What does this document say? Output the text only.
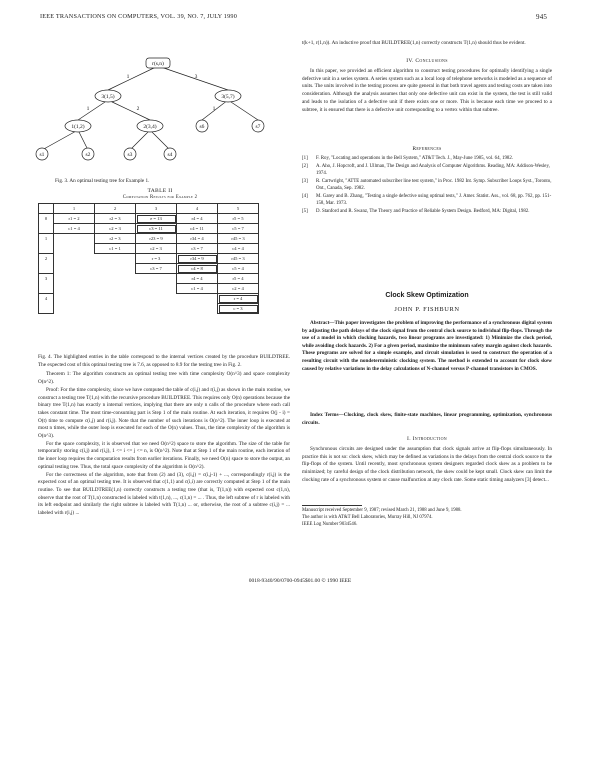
IEEE TRANSACTIONS ON COMPUTERS, VOL. 39, NO. 7, JULY 1990	945
r(s,n)
3(1,5)	3(5,7)
1(1,2)	2(3,4)	s6	s7
s1	s2	s3	s4
1	3
1	1
2
Fig. 3. An optimal testing tree for Example 1.
TABLE II
Computation Results for Example 2
	1	2	3	4	5
0	r1 = 2	r2 = 3	e = 13	r4 = 4	r5 = 5
	c1 = 4	c2 = 3	c3 = 11	c4 = 11	c5 = 7
1		r2 = 3	r23 = 9	r34 = 4	r45 = 3
		c1 = 1	c2 = 3	c3 = 7	c4 = 4
2			r = 3	r34 = 9	r45 = 3
			c3 = 7	c4 = 8	c5 = 4
3				r4 = 4	r5 = 4
				c1 = 4	c2 = 4
4					r = 4
					c = 3

Fig. 4. The highlighted entries in the table correspond to the internal vertices created by the procedure BUILDTREE. The expected cost of this optimal testing tree is 7.6, as opposed to 8.9 for the testing tree in Fig. 2.

Theorem 1: The algorithm constructs an optimal testing tree with time complexity O(n^3) and space complexity O(n^2).

Proof: For the time complexity, since we have computed the table of c(i,j) and r(i,j) as shown in the main routine, we construct a testing tree T(1,n) with the recursive procedure BUILDTREE. This requires only O(n) operations because the binary tree T(1,n) has exactly n internal vertices, implying that there are only n calls of the procedure where each call takes constant time. The most time-consuming part is Step 1 of the main routine. At each iteration, it requires O(j - i) = O(t) time to compute c(i,j) and r(i,j). Note that the number of such iterations is O(n^2). The inner loop is executed at most n times, while the outer loop is executed for each of the O(n) values. Thus, the time complexity of the algorithm is O(n^3).

For the space complexity, it is observed that we need O(n^2) space to store the algorithm. The size of the table for temporarily storing c(i,j) and r(i,j), 1 <= i <= j <= n, is O(n^2). Note that at Step 1 of the main routine, each iteration of the inner loop requires the computation results from earlier iterations. Finally, we need O(n) space to store the output, an optimal testing tree. Thus, the total space complexity of the algorithm is O(n^2).

For the correctness of the algorithm, note that from (2) and (3), c(i,j) = c(i,j-1) + ..., correspondingly r(i,j) is the expected cost of an optimal testing tree. It is observed that c(1,1) and c(i,i) are correctly computed at Step 1 of the main routine. To see that BUILDTREE(1,n) correctly constructs a testing tree (that is, T(1,n)) with expected cost c(1,n), observe that the root of T(1,n) constructed is labeled with t(1,n), ..., c(1,n) = ... . Thus, the left subtree of r is labeled with its left endpoint and similarly the right subtree is labeled with T(1,n) ... or, otherwise, the root of a subtree c(i,j) = ... labeled with r(i,j) ...

t(k+1, r(1,n)). An inductive proof that BUILDTREE(1,n) correctly constructs T(1,n) should thus be evident.
IV. Conclusions
In this paper, we provided an efficient algorithm to construct testing procedures for optimally identifying a single defective unit in a series system. A series system such as a local loop of telephone networks is modeled as a sequence of units. The units involved in the testing process are quite general in that both travel agents and testing costs are taken into consideration. Although the analysis assumes that only one defective unit can exist in the system, the test is still valid and leads to the isolation of a defective unit if there exists one or more. This is because each time we proceed to a subtree, it is ensured that there is a defective unit corresponding to a vertex within that subtree.
References
[1]	F. Roy, "Locating and operations in the Bell System," AT&T Tech. J., May-June 1985, vol. 64, 1982.
[2]	A. Aho, J. Hopcroft, and J. Ullman, The Design and Analysis of Computer Algorithms. Reading, MA: Addison-Wesley, 1974.
[3]	R. Cartwright, "ATTE automated subscriber line test system," in Proc. 1982 Int. Symp. Subscriber Loops Syst., Toronto, Ont., Canada, Sep. 1982.
[4]	M. Garey and B. Zhang, "Testing a single defective using optimal tests," J. Amer. Statist. Ass., vol. 68, pp. 762, pp. 151-158, Mar. 1973.
[5]	D. Stanford and R. Swanz, The Theory and Practice of Reliable System Design. Bedford, MA: Digital, 1982.
Clock Skew Optimization
JOHN P. FISHBURN
Abstract—This paper investigates the problem of improving the performance of a synchronous digital system by adjusting the path delays of the clock signal from the central clock source to individual flip-flops. Through the use of a model in which clocking hazards, two linear programs are investigated: 1) Minimize the clock period, while avoiding clock hazards. 2) For a given period, maximize the minimum safety margin against clock hazards. These programs are solved for a simple example, and circuit simulation is used to construct the operation of a resulting circuit with the nondeterministic clocking system. The method is extended to account for clock skew caused by relative variations in the delay calculations of N-channel versus P-channel transistors in CMOS.
Index Terms—Clocking, clock skew, finite-state machines, linear programming, optimization, synchronous circuits.
I. Introduction
Synchronous circuits are designed under the assumption that clock signals arrive at flip-flops simultaneously. In practice this is not so: clock skew, which may be defined as variations in the delays from the central clock source to the flip-flops of the system. Until recently, most synchronous system designers regarded clock skew as a problem to be minimized; by careful design of the clock distribution network, the skew could be kept small. Clock skew can limit the clocking rate of a synchronous system or cause malfunction at any clock rate. Some static timing analyzers [3] detect...
Manuscript received September 9, 1987; revised March 21, 1988 and June 9, 1988.
The author is with AT&T Bell Laboratories, Murray Hill, NJ 07974.
IEEE Log Number 9034546.
0018-9340/90/0700-0945$01.00 © 1990 IEEE
